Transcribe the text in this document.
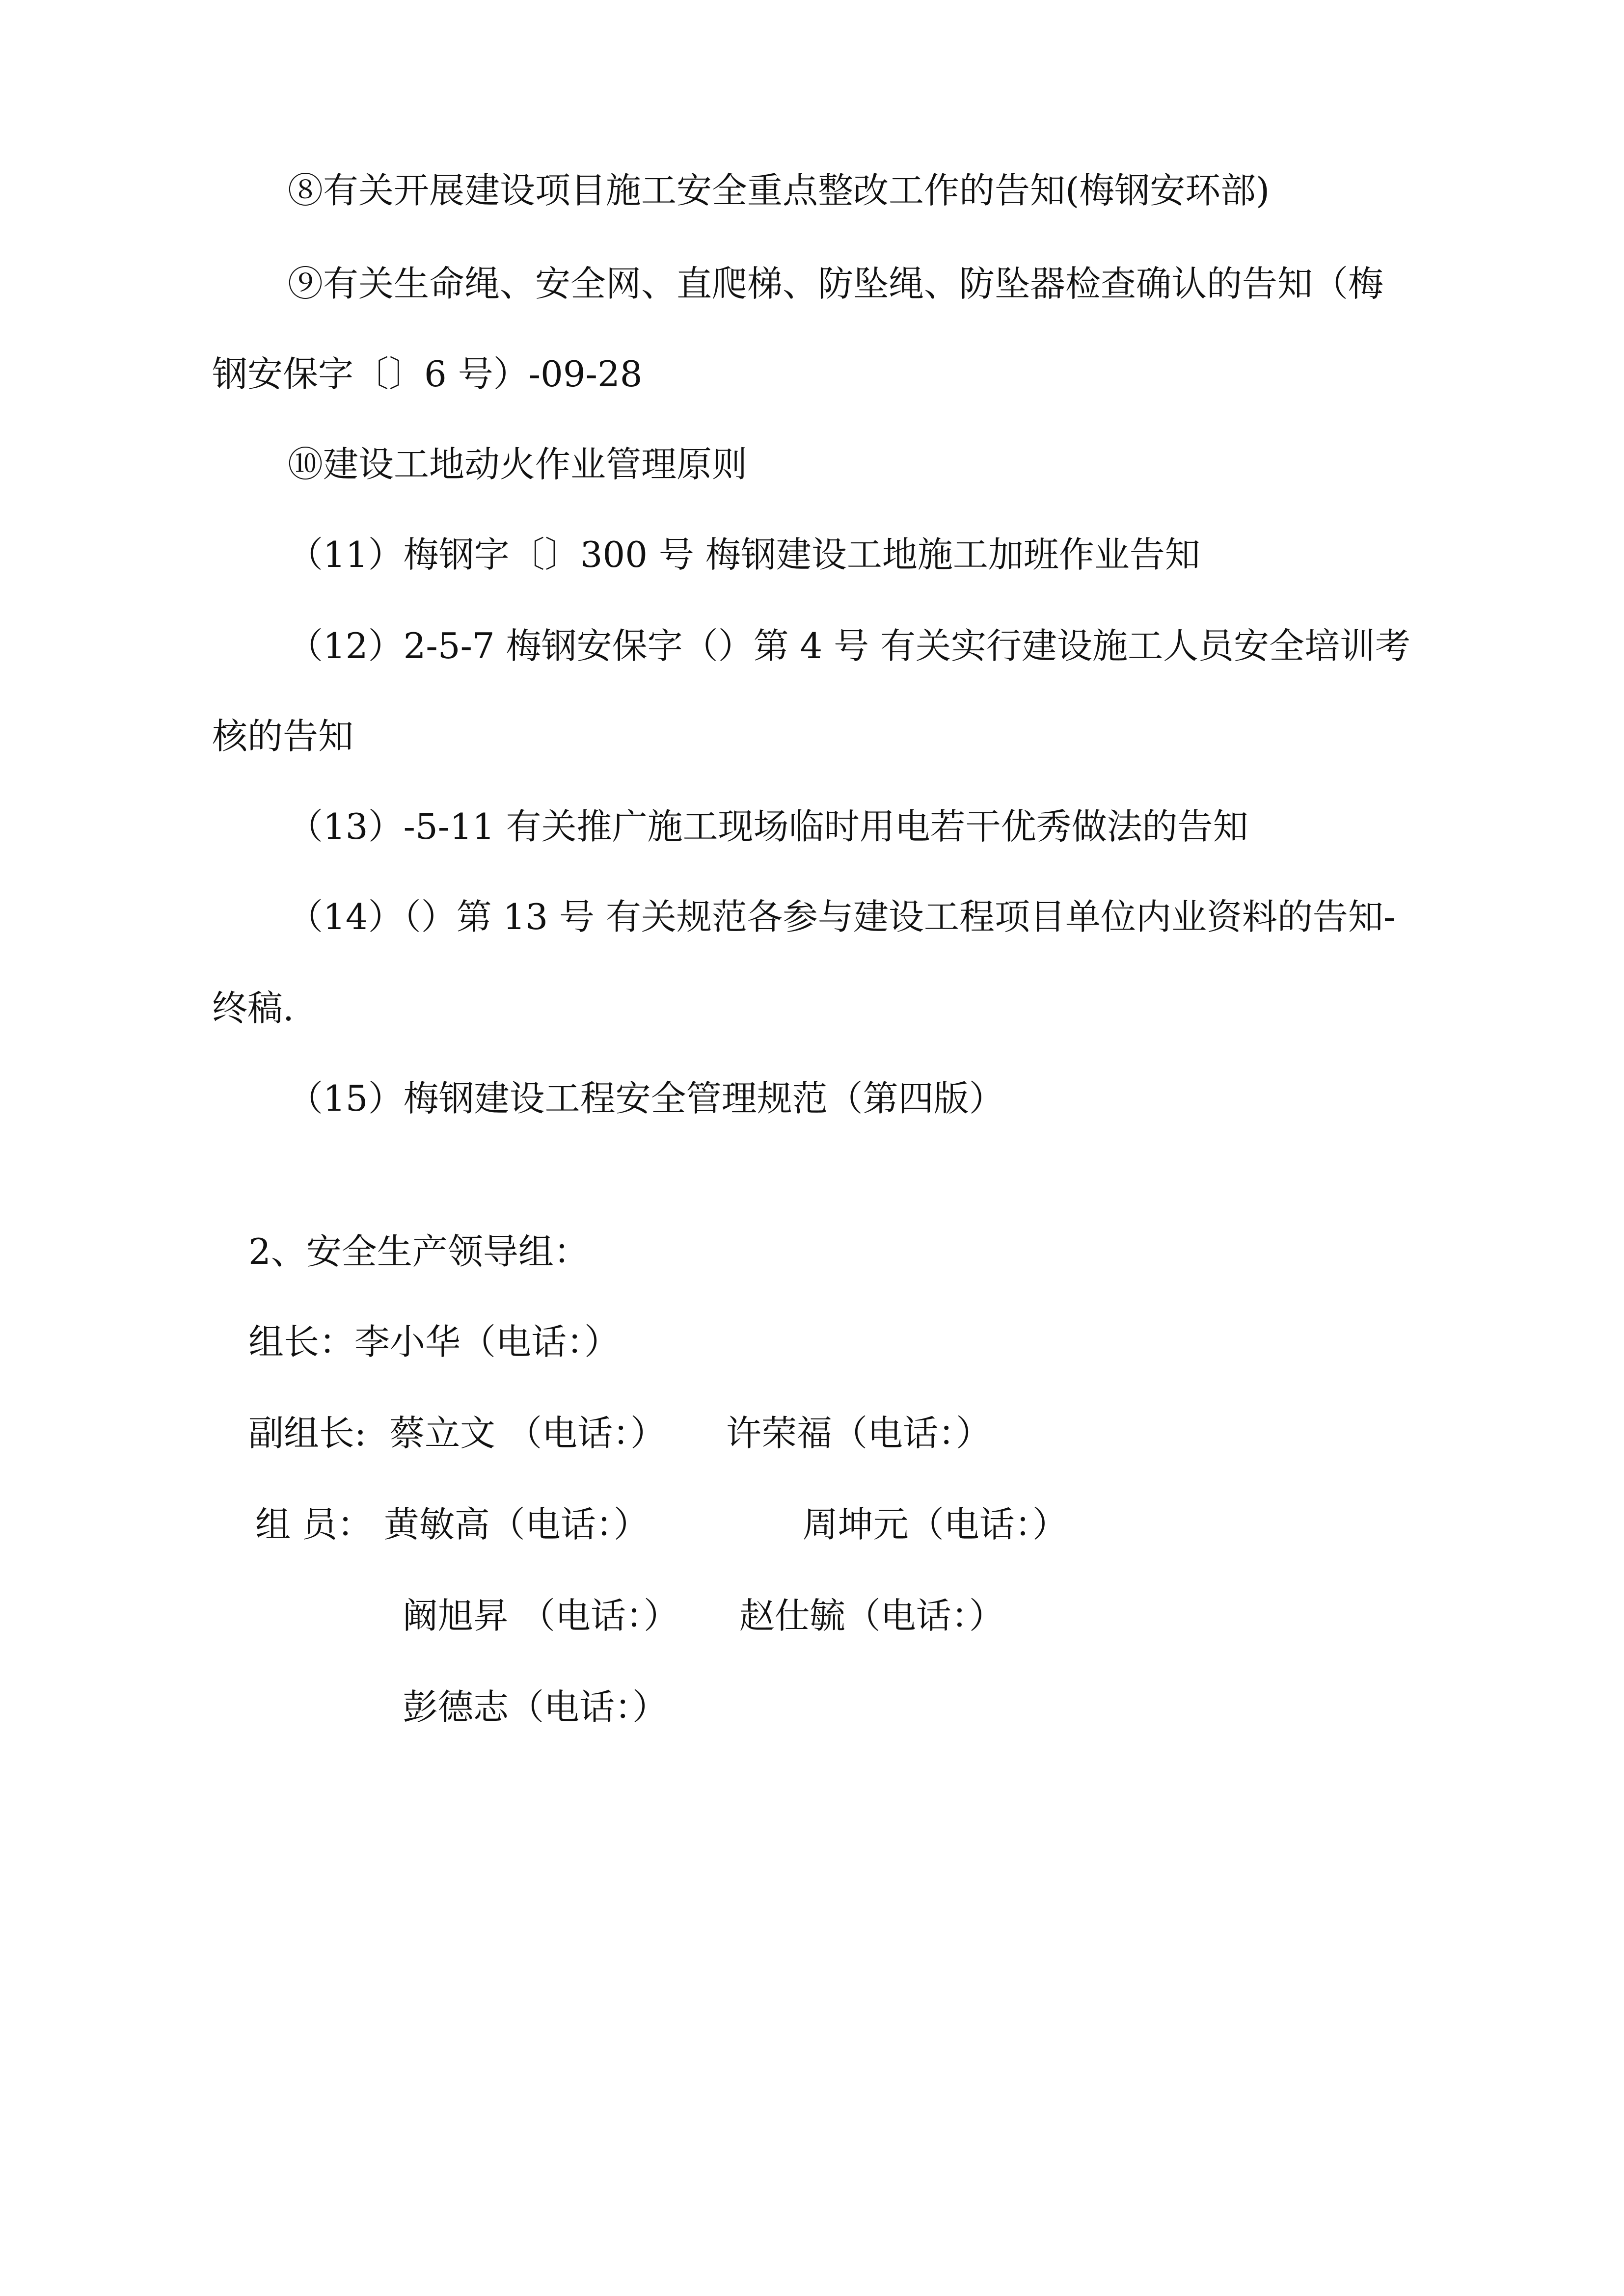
⑧有关开展建设项目施工安全重点整改工作的告知(梅钢安环部)
⑨有关生命绳、安全网、直爬梯、防坠绳、防坠器检查确认的告知（梅
钢安保字〔〕6 号）-09-28
⑩建设工地动火作业管理原则
（11）梅钢字〔〕300 号 梅钢建设工地施工加班作业告知
（12）2-5-7 梅钢安保字（）第 4 号 有关实行建设施工人员安全培训考
核的告知
（13）-5-11 有关推广施工现场临时用电若干优秀做法的告知
（14）（）第 13 号 有关规范各参与建设工程项目单位内业资料的告知-
终稿.
（15）梅钢建设工程安全管理规范（第四版）
2、安全生产领导组：
组长：李小华（电话：）
副组长: 蔡立文 （电话：） 许荣福（电话：）
组 员： 黄敏高（电话：）	周坤元（电话：）
阚旭昇 （电话：） 赵仕毓（电话：）
彭德志（电话：）
